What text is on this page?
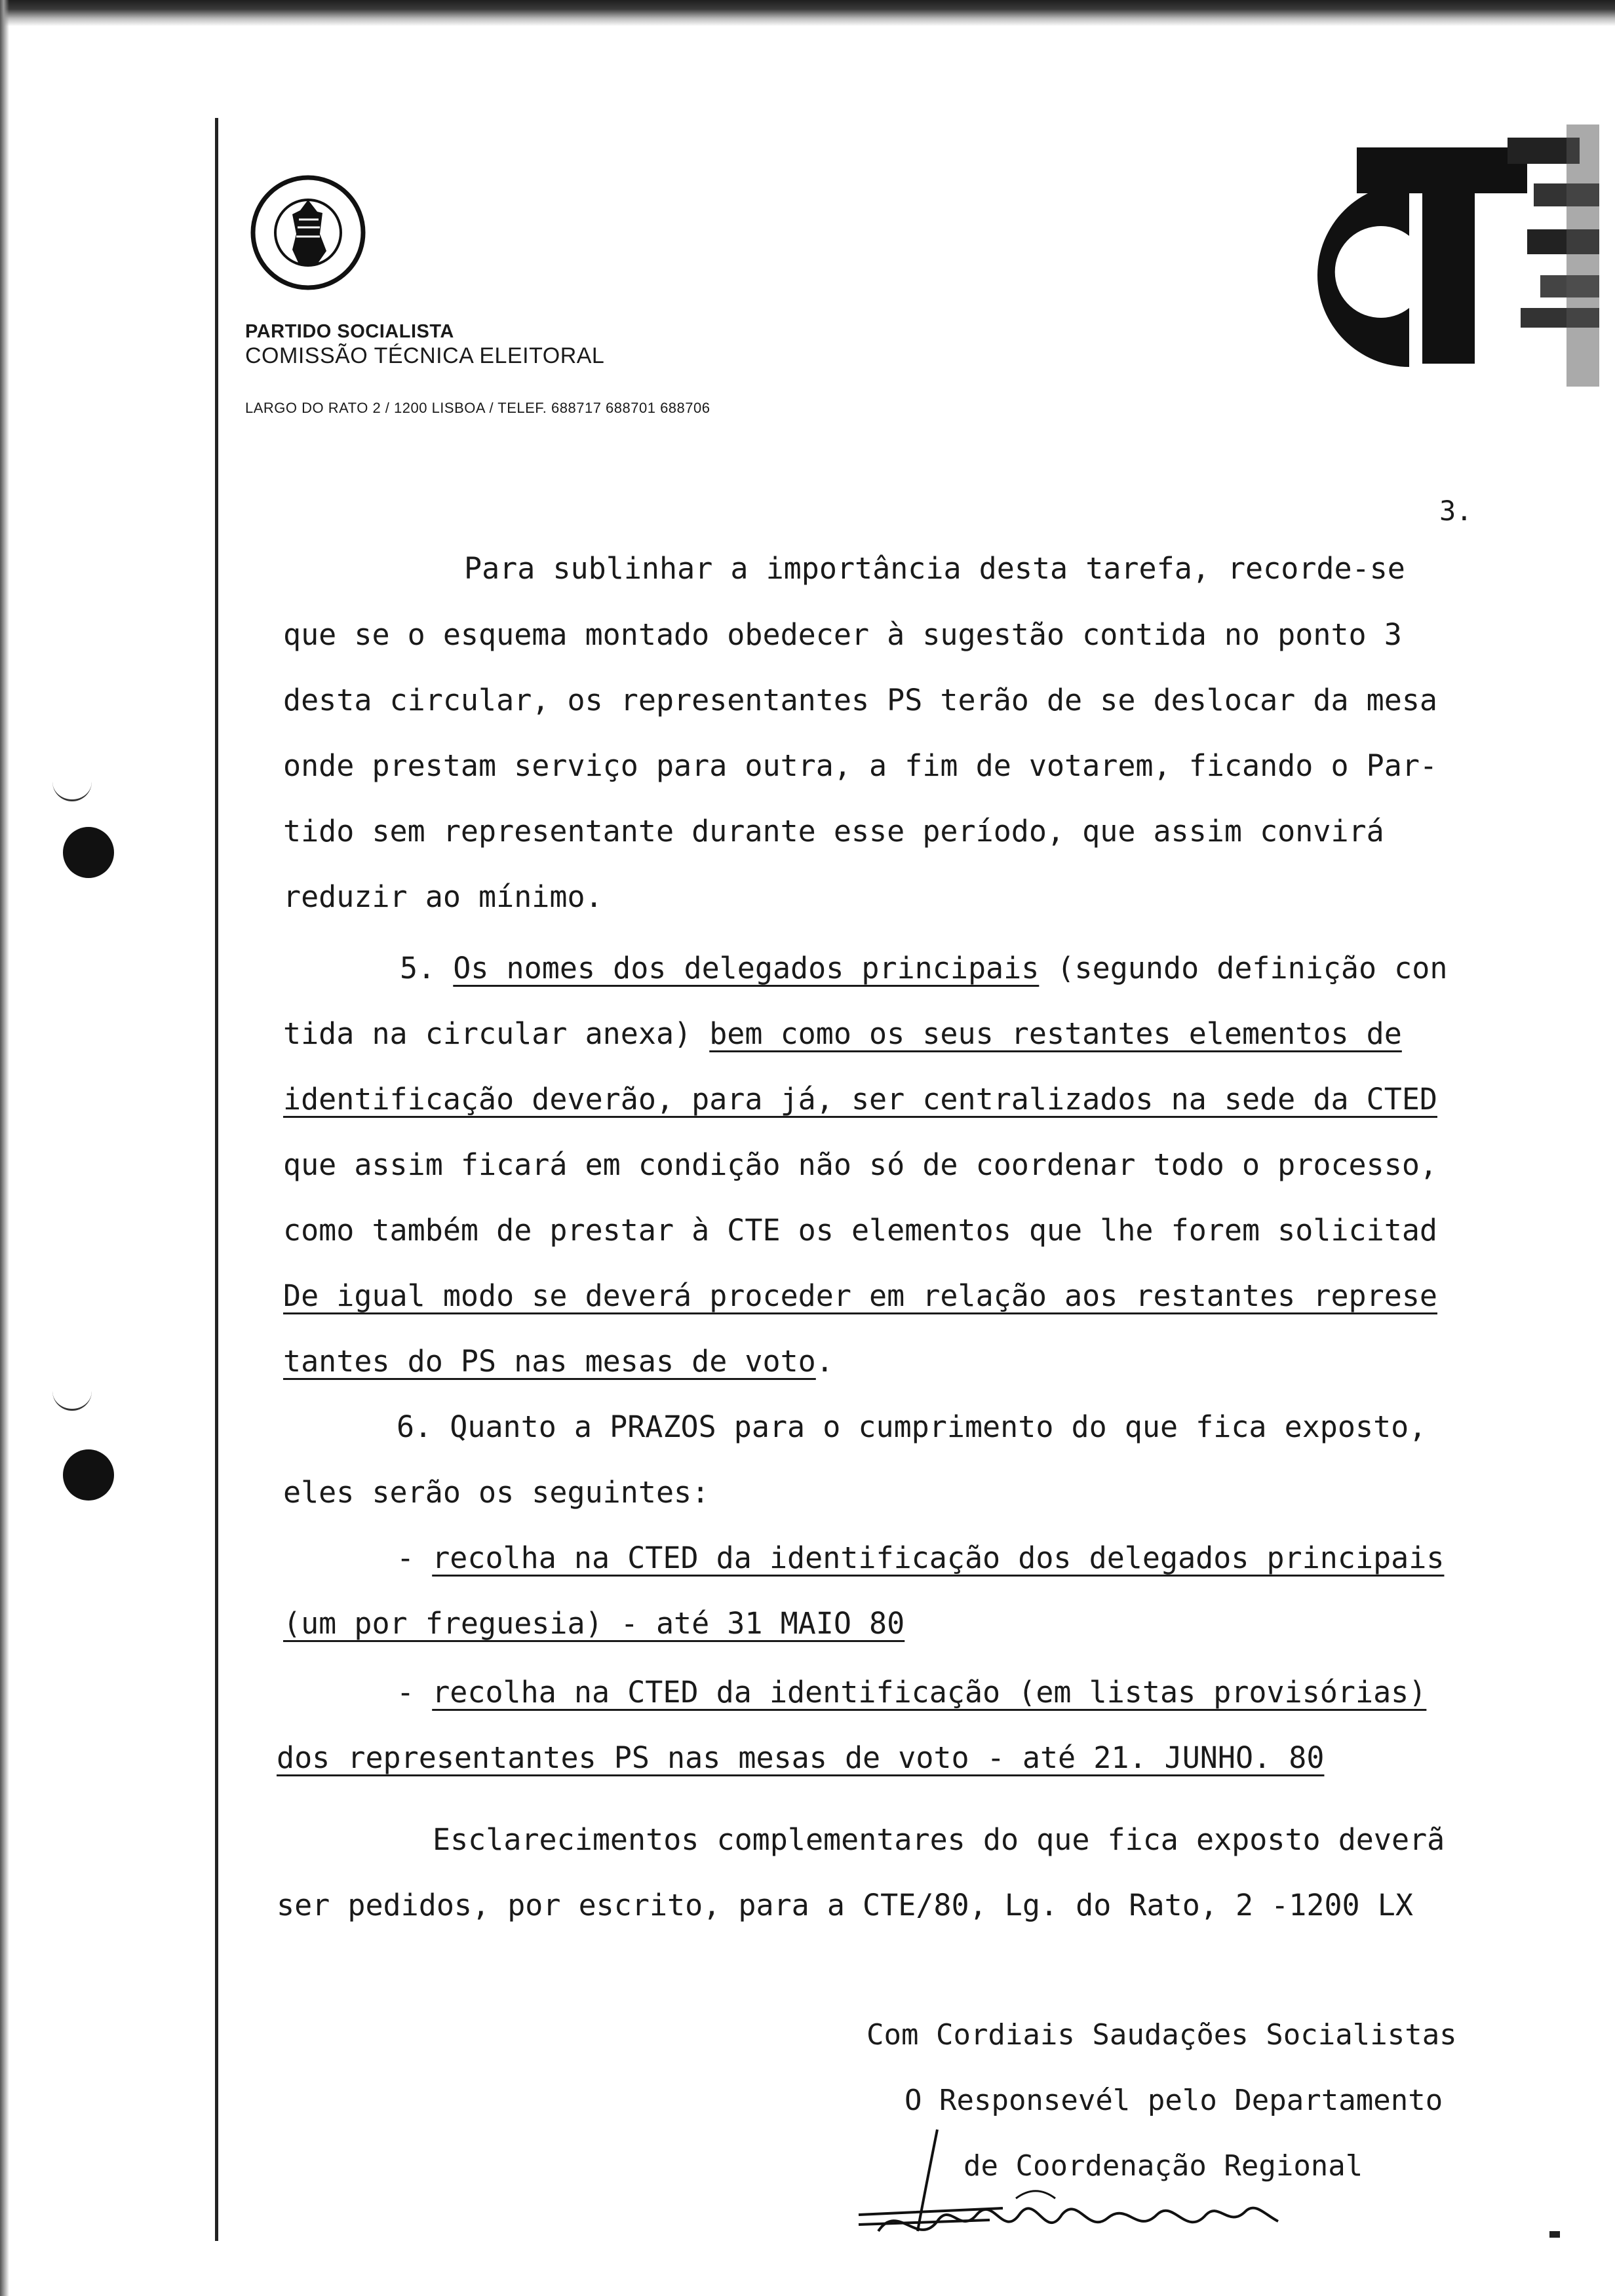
PARTIDO SOCIALISTA
COMISSÃO TÉCNICA ELEITORAL
LARGO DO RATO 2 / 1200 LISBOA / TELEF. 688717 688701 688706
3.
Para sublinhar a importância desta tarefa, recorde-se
que se o esquema montado obedecer à sugestão contida no ponto 3
desta circular, os representantes PS terão de se deslocar da mesa
onde prestam serviço para outra, a fim de votarem, ficando o Par-
tido sem representante durante esse período, que assim convirá
reduzir ao mínimo.
5. Os nomes dos delegados principais (segundo definição con
tida na circular anexa) bem como os seus restantes elementos de
identificação deverão, para já, ser centralizados na sede da CTED
que assim ficará em condição não só de coordenar todo o processo,
como também de prestar à CTE os elementos que lhe forem solicitad
De igual modo se deverá proceder em relação aos restantes represe
tantes do PS nas mesas de voto.
6. Quanto a PRAZOS para o cumprimento do que fica exposto,
eles serão os seguintes:
- recolha na CTED da identificação dos delegados principais
(um por freguesia) - até 31 MAIO 80
- recolha na CTED da identificação (em listas provisórias)
dos representantes PS nas mesas de voto - até 21. JUNHO. 80
Esclarecimentos complementares do que fica exposto deverã
ser pedidos, por escrito, para a CTE/80, Lg. do Rato, 2 -1200 LX
Com Cordiais Saudações Socialistas
O Responsevél pelo Departamento
de Coordenação Regional
